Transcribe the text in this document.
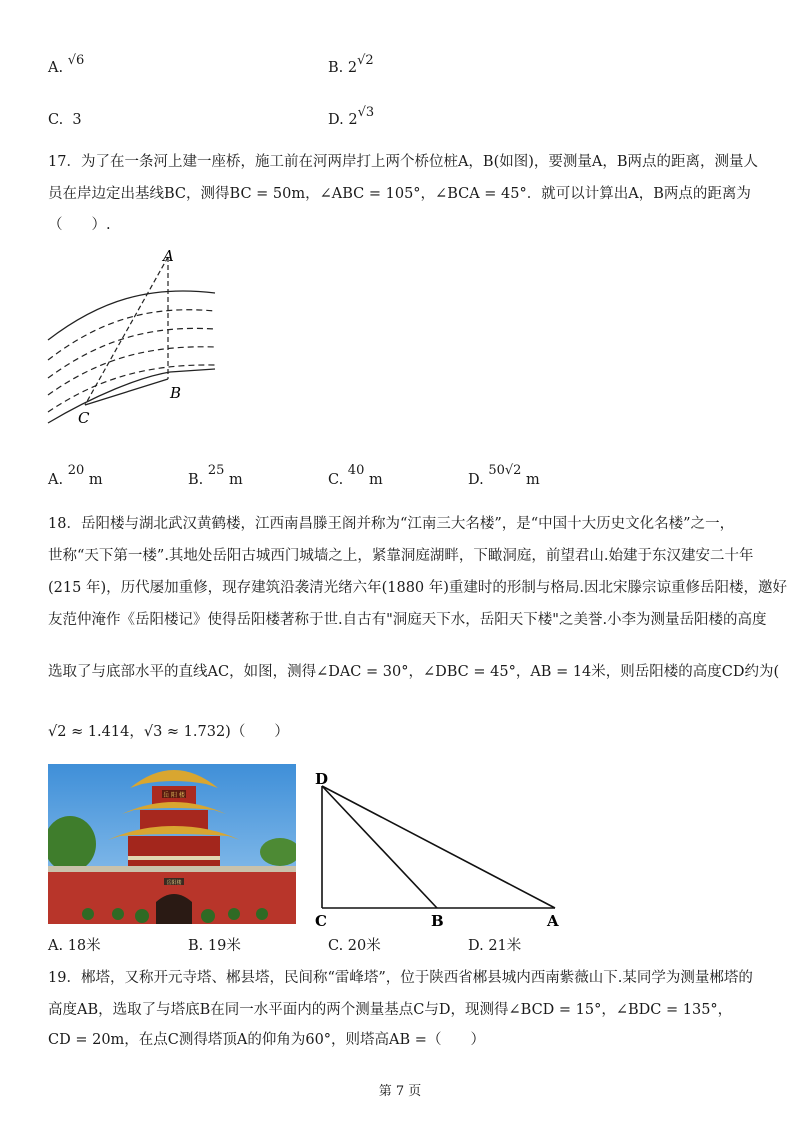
A. √6	B. 2√2
C. 3	D. 2√3
17．为了在一条河上建一座桥，施工前在河两岸打上两个桥位桩A，B(如图)，要测量A，B两点的距离，测量人
员在岸边定出基线BC，测得BC = 50m，∠ABC = 105°，∠BCA = 45°．就可以计算出A，B两点的距离为
（　　）.
A
B
C
A. 20 m	B. 25 m	C. 40 m	D. 50√2 m
18．岳阳楼与湖北武汉黄鹤楼，江西南昌滕王阁并称为“江南三大名楼”，是“中国十大历史文化名楼”之一，
世称“天下第一楼”.其地处岳阳古城西门城墙之上，紧靠洞庭湖畔，下瞰洞庭，前望君山.始建于东汉建安二十年
(215 年)，历代屡加重修，现存建筑沿袭清光绪六年(1880 年)重建时的形制与格局.因北宋滕宗谅重修岳阳楼，邀好
友范仲淹作《岳阳楼记》使得岳阳楼著称于世.自古有"洞庭天下水，岳阳天下楼"之美誉.小李为测量岳阳楼的高度
选取了与底部水平的直线AC，如图，测得∠DAC = 30°，∠DBC = 45°，AB = 14米，则岳阳楼的高度CD约为(
√2 ≈ 1.414，√3 ≈ 1.732)（　　）
岳 阳 楼
岳阳楼
D
C	B	A
A. 18米	B. 19米	C. 20米	D. 21米
19．郴塔，又称开元寺塔、郴县塔，民间称“雷峰塔”，位于陕西省郴县城内西南紫薇山下.某同学为测量郴塔的
高度AB，选取了与塔底B在同一水平面内的两个测量基点C与D，现测得∠BCD = 15°，∠BDC = 135°，
CD = 20m，在点C测得塔顶A的仰角为60°，则塔高AB =（　　）
第 7 页
